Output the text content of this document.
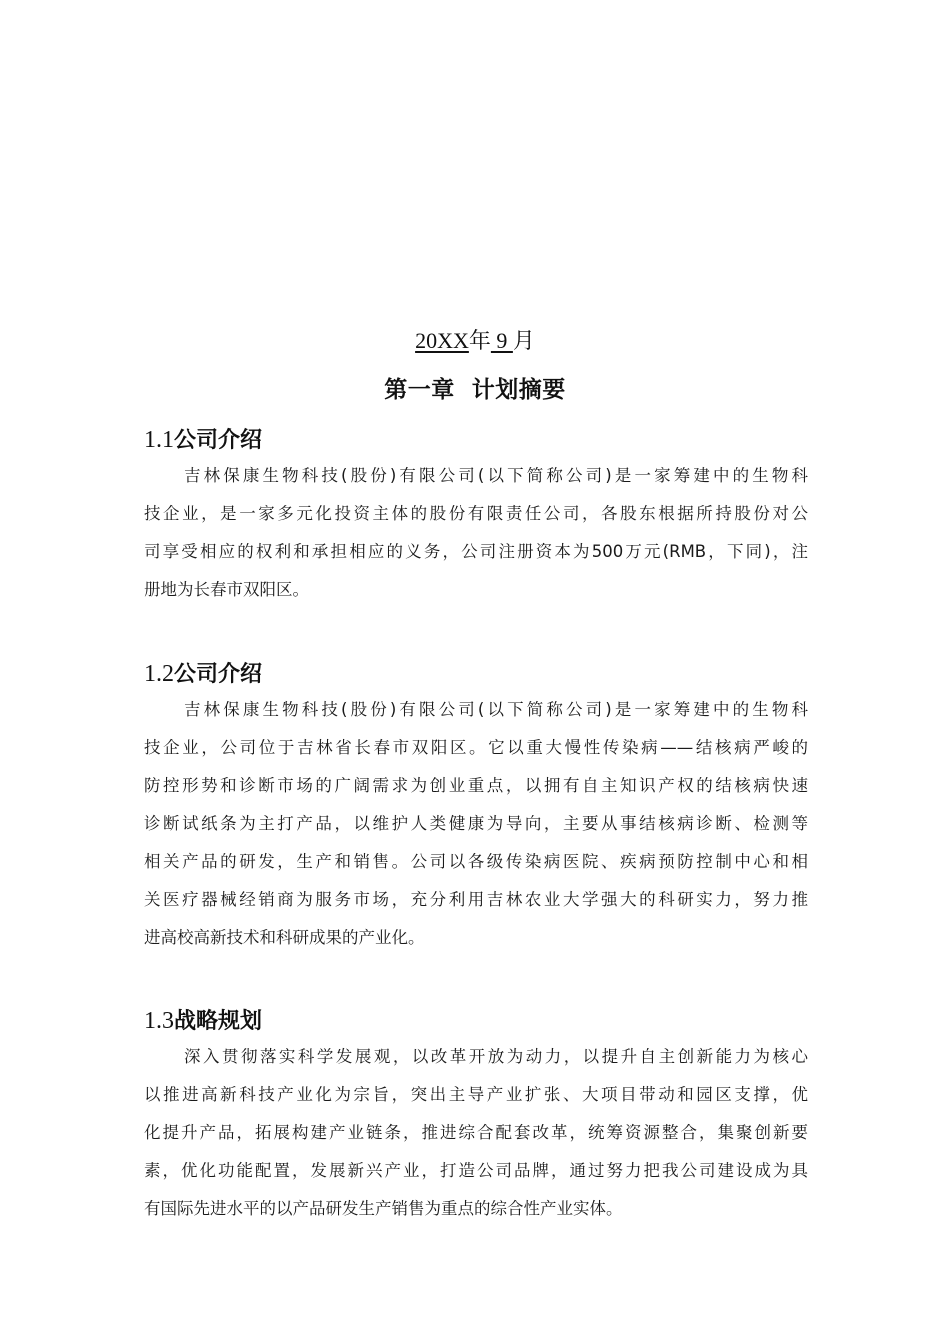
20XX年 9 月
第一章  计划摘要
1.1公司介绍

吉林保康生物科技(股份)有限公司(以下简称公司)是一家筹建中的生物科
技企业，是一家多元化投资主体的股份有限责任公司，各股东根据所持股份对公
司享受相应的权利和承担相应的义务，公司注册资本为500万元(RMB，下同)，注
册地为长春市双阳区。

1.2公司介绍

吉林保康生物科技(股份)有限公司(以下简称公司)是一家筹建中的生物科
技企业，公司位于吉林省长春市双阳区。它以重大慢性传染病——结核病严峻的
防控形势和诊断市场的广阔需求为创业重点，以拥有自主知识产权的结核病快速
诊断试纸条为主打产品，以维护人类健康为导向，主要从事结核病诊断、检测等
相关产品的研发，生产和销售。公司以各级传染病医院、疾病预防控制中心和相
关医疗器械经销商为服务市场，充分利用吉林农业大学强大的科研实力，努力推
进高校高新技术和科研成果的产业化。

1.3战略规划

深入贯彻落实科学发展观，以改革开放为动力，以提升自主创新能力为核心
以推进高新科技产业化为宗旨，突出主导产业扩张、大项目带动和园区支撑，优
化提升产品，拓展构建产业链条，推进综合配套改革，统筹资源整合，集聚创新要
素，优化功能配置，发展新兴产业，打造公司品牌，通过努力把我公司建设成为具
有国际先进水平的以产品研发生产销售为重点的综合性产业实体。
